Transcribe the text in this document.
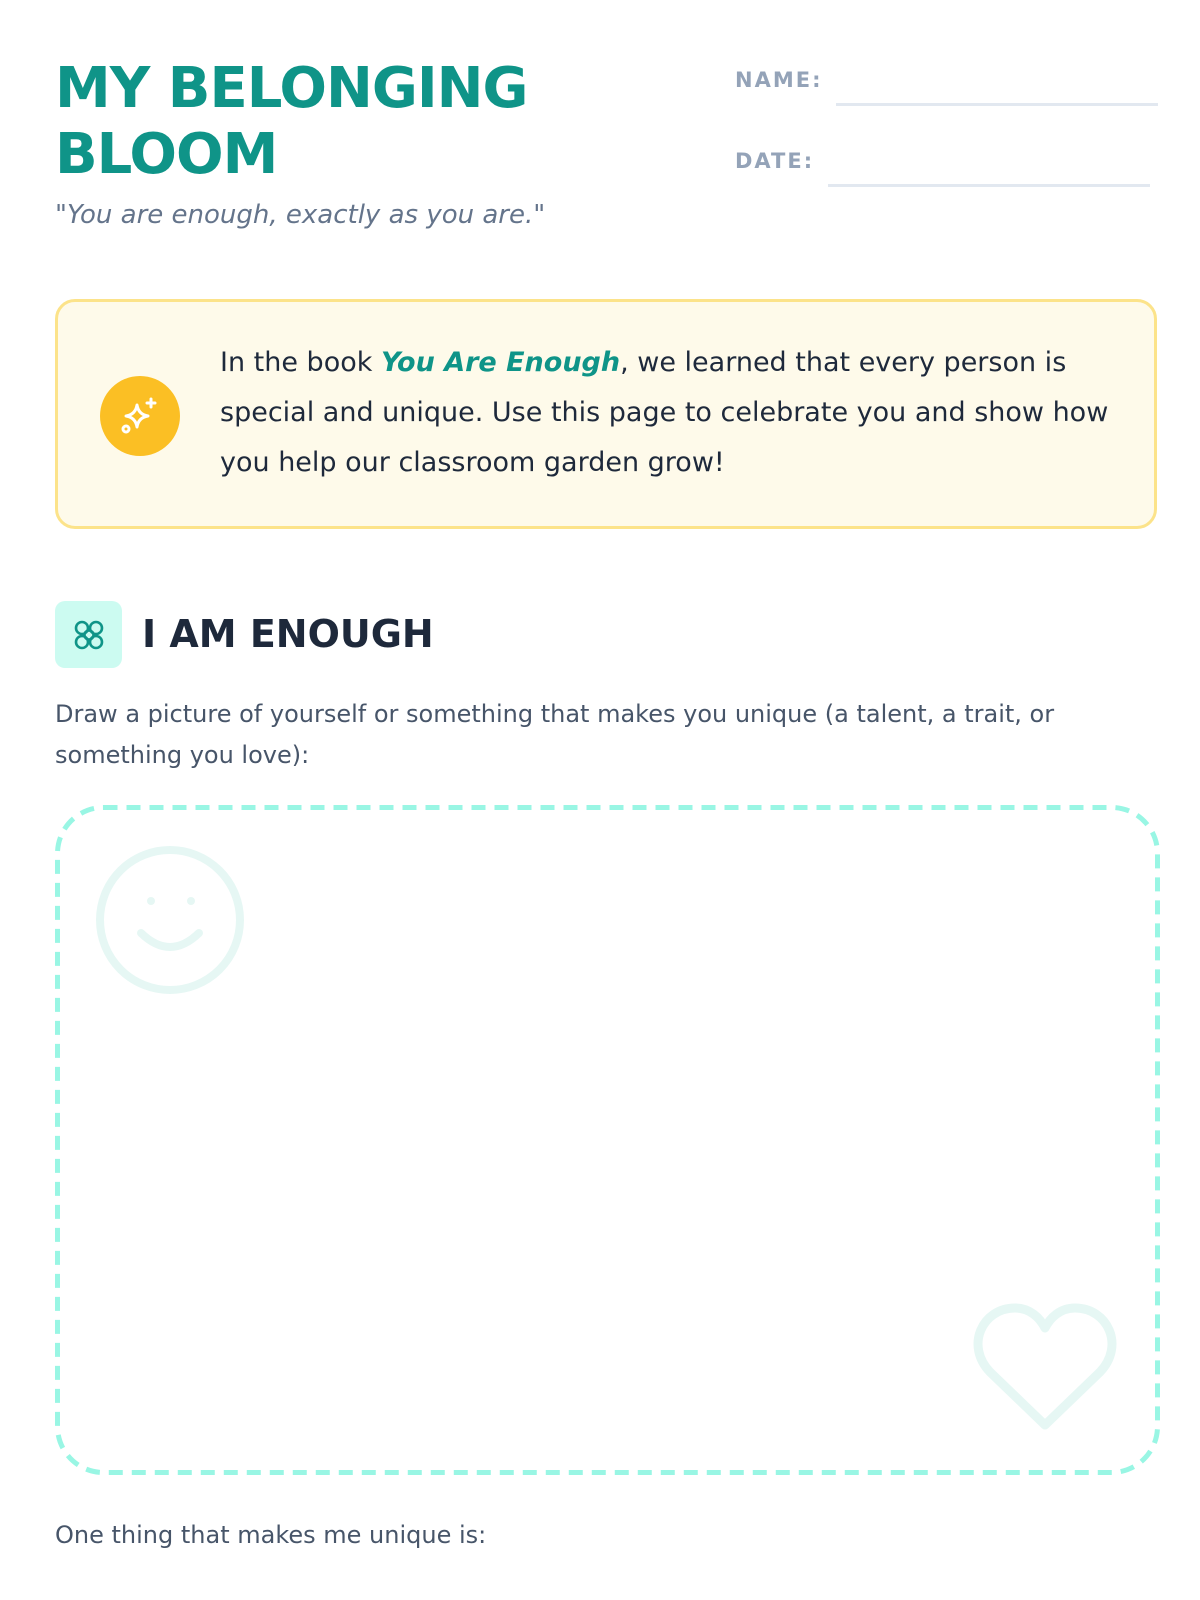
MY BELONGING
BLOOM
"You are enough, exactly as you are."
NAME:
DATE:

In the book You Are Enough, we learned that every person is special and unique. Use this page to celebrate you and show how you help our classroom garden grow!

I AM ENOUGH

Draw a picture of yourself or something that makes you unique (a talent, a trait, or something you love):

One thing that makes me unique is:
